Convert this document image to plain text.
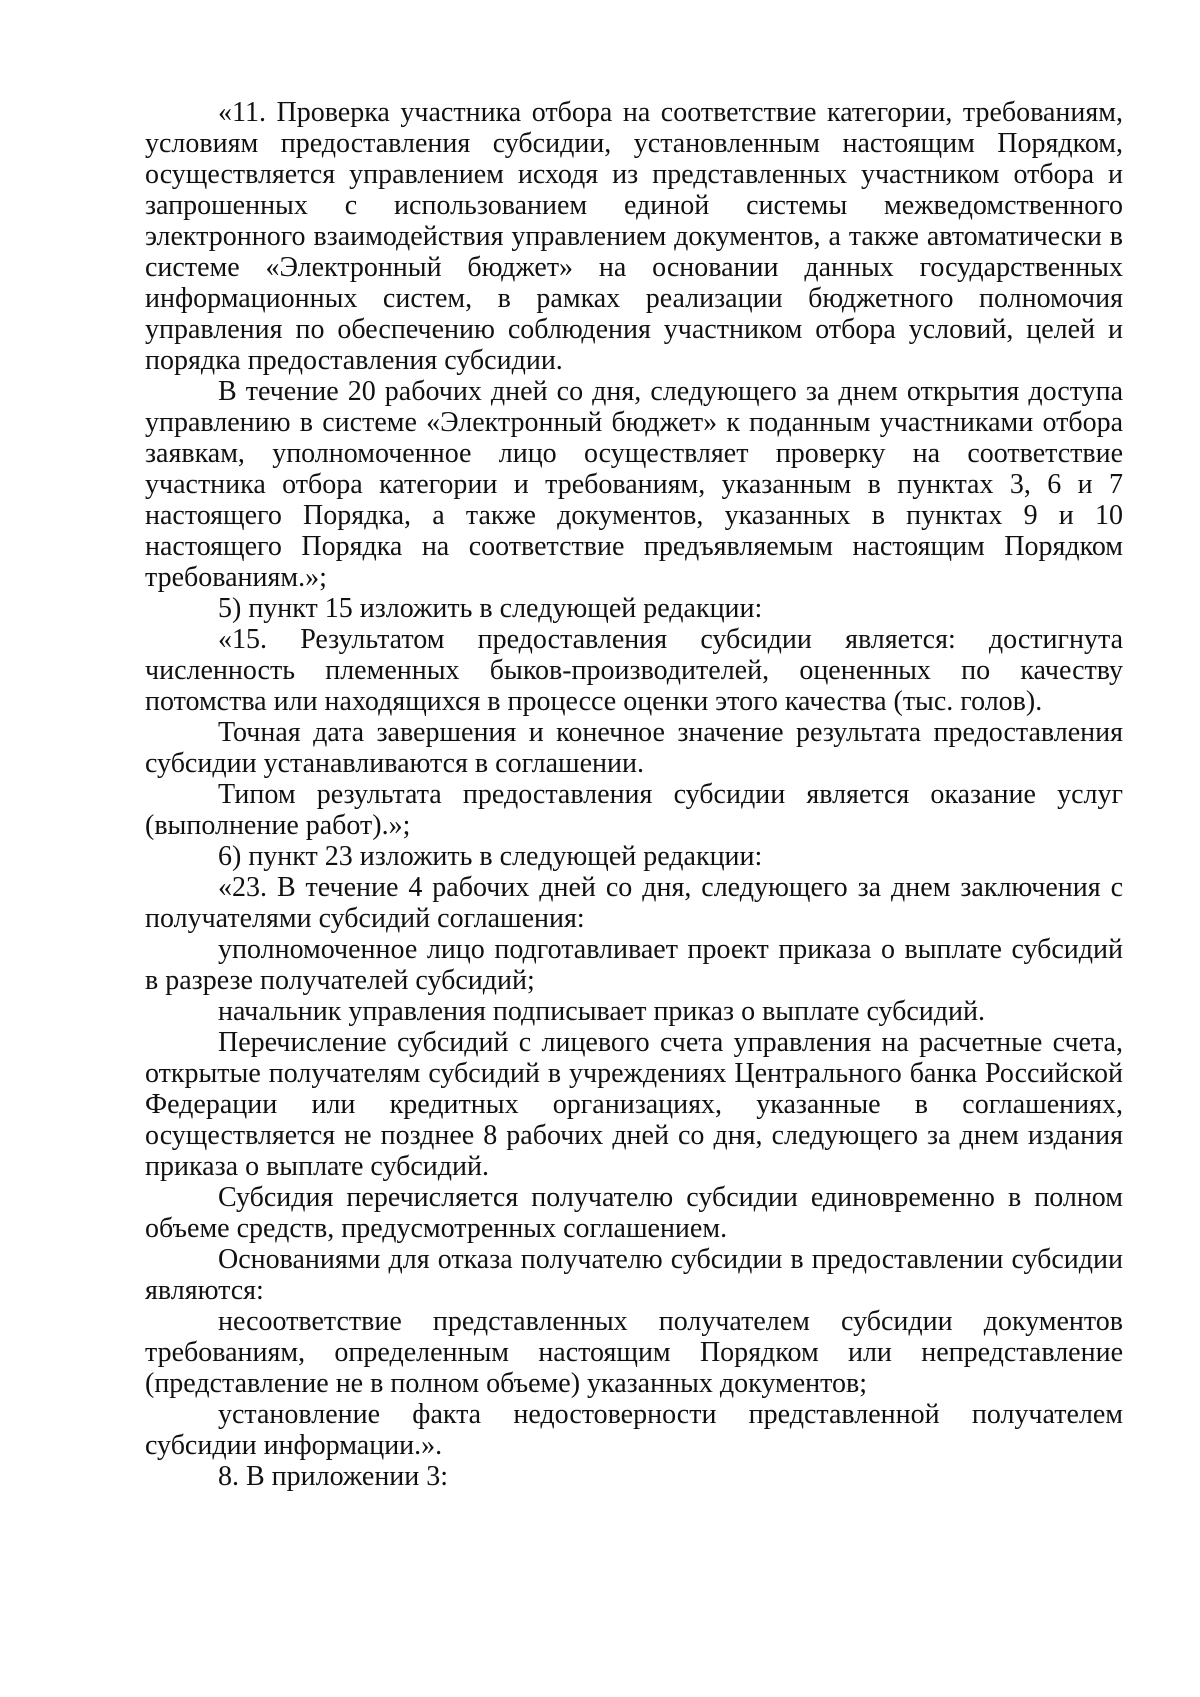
«11. Проверка участника отбора на соответствие категории, требованиям, условиям предоставления субсидии, установленным настоящим Порядком, осуществляется управлением исходя из представленных участником отбора и запрошенных с использованием единой системы межведомственного электронного взаимодействия управлением документов, а также автоматически в системе «Электронный бюджет» на основании данных государственных информационных систем, в рамках реализации бюджетного полномочия управления по обеспечению соблюдения участником отбора условий, целей и порядка предоставления субсидии.

В течение 20 рабочих дней со дня, следующего за днем открытия доступа управлению в системе «Электронный бюджет» к поданным участниками отбора заявкам, уполномоченное лицо осуществляет проверку на соответствие участника отбора категории и требованиям, указанным в пунктах 3, 6 и 7 настоящего Порядка, а также документов, указанных в пунктах 9 и 10 настоящего Порядка на соответствие предъявляемым настоящим Порядком требованиям.»;

5) пункт 15 изложить в следующей редакции:

«15. Результатом предоставления субсидии является: достигнута численность племенных быков-производителей, оцененных по качеству потомства или находящихся в процессе оценки этого качества (тыс. голов).

Точная дата завершения и конечное значение результата предоставления субсидии устанавливаются в соглашении.

Типом результата предоставления субсидии является оказание услуг (выполнение работ).»;

6) пункт 23 изложить в следующей редакции:

«23. В течение 4 рабочих дней со дня, следующего за днем заключения с получателями субсидий соглашения:

уполномоченное лицо подготавливает проект приказа о выплате субсидий в разрезе получателей субсидий;

начальник управления подписывает приказ о выплате субсидий.

Перечисление субсидий с лицевого счета управления на расчетные счета, открытые получателям субсидий в учреждениях Центрального банка Российской Федерации или кредитных организациях, указанные в соглашениях, осуществляется не позднее 8 рабочих дней со дня, следующего за днем издания приказа о выплате субсидий.

Субсидия перечисляется получателю субсидии единовременно в полном объеме средств, предусмотренных соглашением.

Основаниями для отказа получателю субсидии в предоставлении субсидии являются:

несоответствие представленных получателем субсидии документов требованиям, определенным настоящим Порядком или непредставление (представление не в полном объеме) указанных документов;

установление факта недостоверности представленной получателем субсидии информации.».

8. В приложении 3:
